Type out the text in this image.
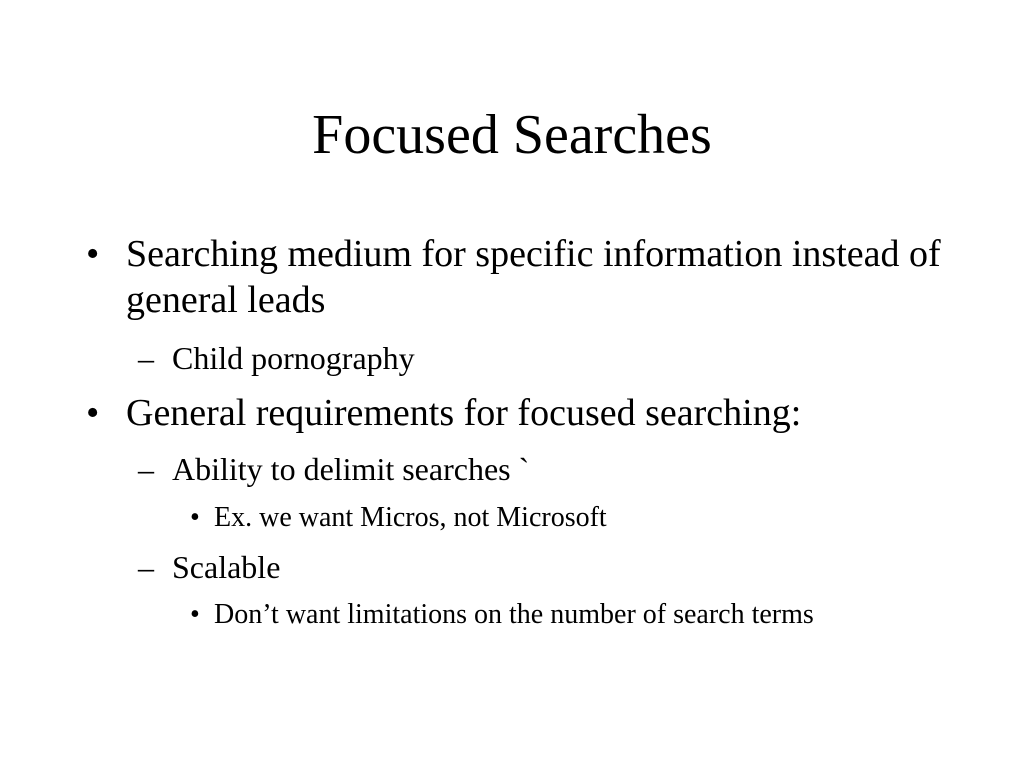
Focused Searches
• Searching medium for specific information instead of general leads
– Child pornography
• General requirements for focused searching:
– Ability to delimit searches `
• Ex. we want Micros, not Microsoft
– Scalable
• Don’t want limitations on the number of search terms
